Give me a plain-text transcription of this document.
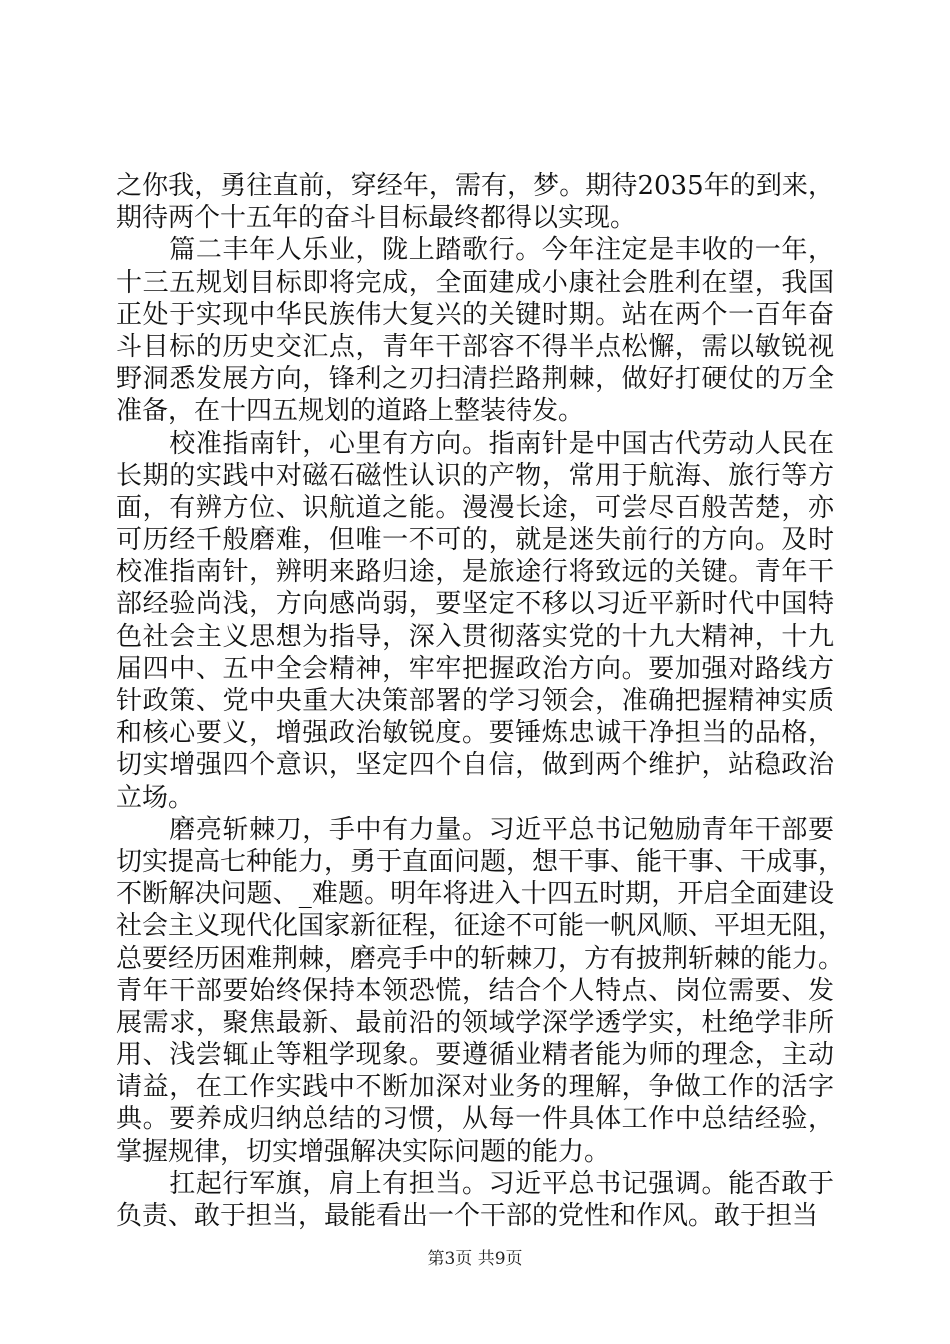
之你我，勇往直前，穿经年，需有，梦。期待2035年的到来，
期待两个十五年的奋斗目标最终都得以实现。
　　篇二丰年人乐业，陇上踏歌行。今年注定是丰收的一年，
十三五规划目标即将完成，全面建成小康社会胜利在望，我国
正处于实现中华民族伟大复兴的关键时期。站在两个一百年奋
斗目标的历史交汇点，青年干部容不得半点松懈，需以敏锐视
野洞悉发展方向，锋利之刃扫清拦路荆棘，做好打硬仗的万全
准备，在十四五规划的道路上整装待发。
　　校准指南针，心里有方向。指南针是中国古代劳动人民在
长期的实践中对磁石磁性认识的产物，常用于航海、旅行等方
面，有辨方位、识航道之能。漫漫长途，可尝尽百般苦楚，亦
可历经千般磨难，但唯一不可的，就是迷失前行的方向。及时
校准指南针，辨明来路归途，是旅途行将致远的关键。青年干
部经验尚浅，方向感尚弱，要坚定不移以习近平新时代中国特
色社会主义思想为指导，深入贯彻落实党的十九大精神，十九
届四中、五中全会精神，牢牢把握政治方向。要加强对路线方
针政策、党中央重大决策部署的学习领会，准确把握精神实质
和核心要义，增强政治敏锐度。要锤炼忠诚干净担当的品格，
切实增强四个意识，坚定四个自信，做到两个维护，站稳政治
立场。
　　磨亮斩棘刀，手中有力量。习近平总书记勉励青年干部要
切实提高七种能力，勇于直面问题，想干事、能干事、干成事，
不断解决问题、_难题。明年将进入十四五时期，开启全面建设
社会主义现代化国家新征程，征途不可能一帆风顺、平坦无阻，
总要经历困难荆棘，磨亮手中的斩棘刀，方有披荆斩棘的能力。
青年干部要始终保持本领恐慌，结合个人特点、岗位需要、发
展需求，聚焦最新、最前沿的领域学深学透学实，杜绝学非所
用、浅尝辄止等粗学现象。要遵循业精者能为师的理念，主动
请益，在工作实践中不断加深对业务的理解，争做工作的活字
典。要养成归纳总结的习惯，从每一件具体工作中总结经验，
掌握规律，切实增强解决实际问题的能力。
　　扛起行军旗，肩上有担当。习近平总书记强调。能否敢于
负责、敢于担当，最能看出一个干部的党性和作风。敢于担当
第3页 共9页
